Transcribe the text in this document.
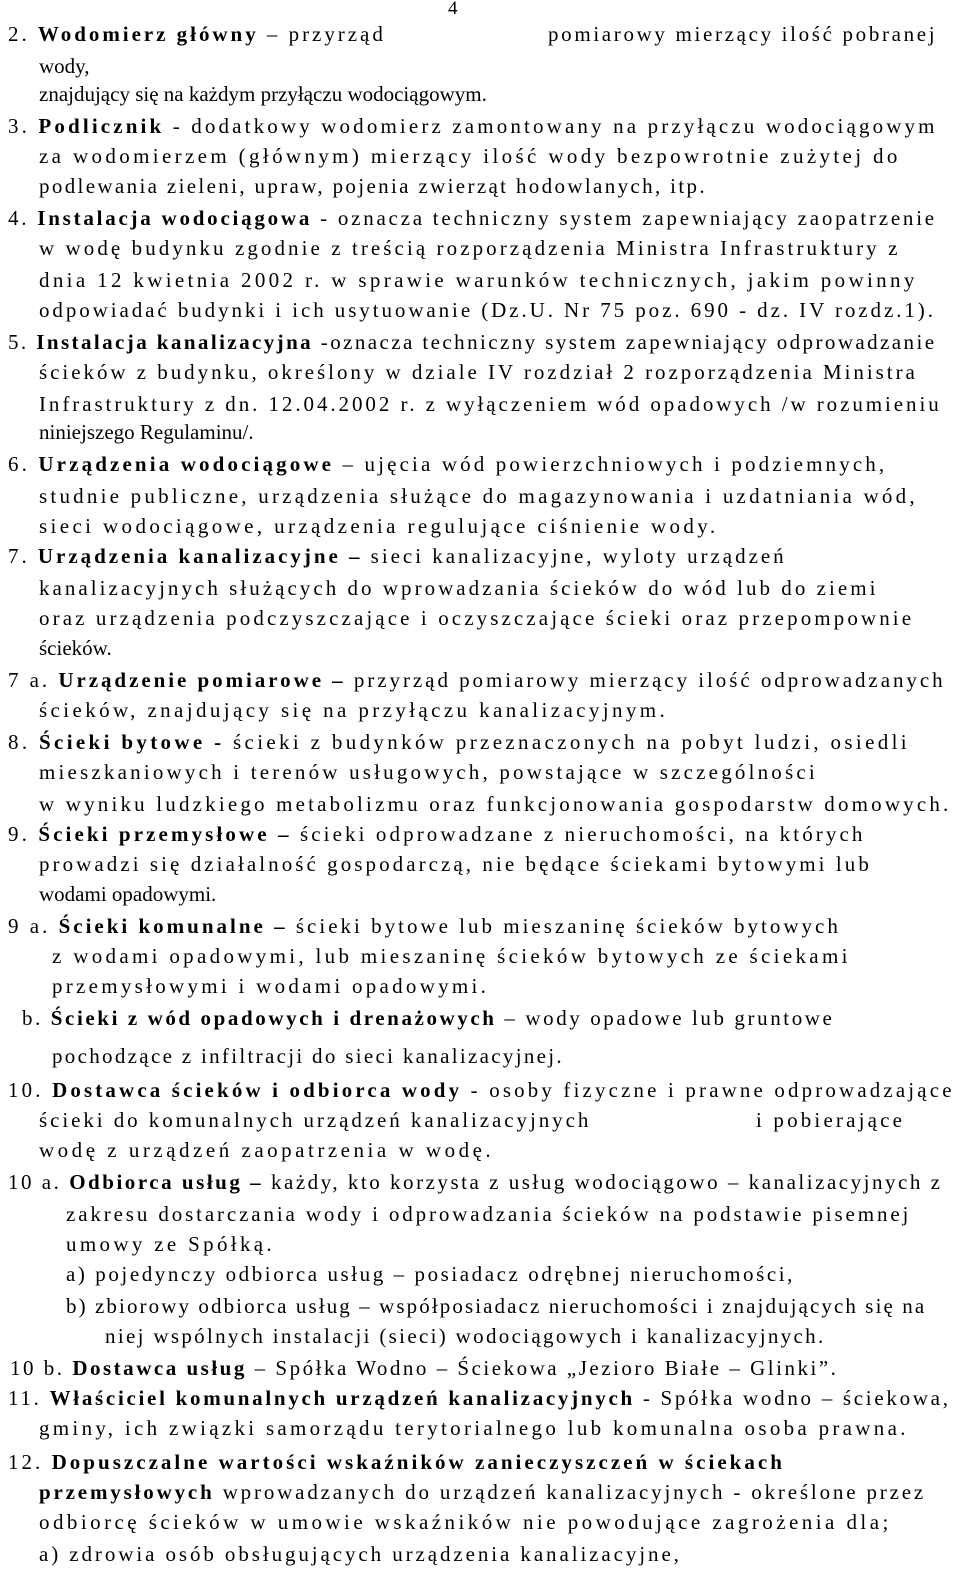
4
2. Wodomierz główny – przyrząd	pomiarowy mierzący ilość pobranej
wody,
znajdujący się na każdym przyłączu wodociągowym.
3. Podlicznik - dodatkowy wodomierz zamontowany na przyłączu wodociągowym
za wodomierzem (głównym) mierzący ilość wody bezpowrotnie zużytej do
podlewania zieleni, upraw, pojenia zwierząt hodowlanych, itp.
4. Instalacja wodociągowa - oznacza techniczny system zapewniający zaopatrzenie
w wodę budynku zgodnie z treścią rozporządzenia Ministra Infrastruktury z
dnia 12 kwietnia 2002 r. w sprawie warunków technicznych, jakim powinny
odpowiadać budynki i ich usytuowanie (Dz.U. Nr 75 poz. 690 - dz. IV rozdz.1).
5. Instalacja kanalizacyjna -oznacza techniczny system zapewniający odprowadzanie
ścieków z budynku, określony w dziale IV rozdział 2 rozporządzenia Ministra
Infrastruktury z dn. 12.04.2002 r. z wyłączeniem wód opadowych /w rozumieniu
niniejszego Regulaminu/.
6. Urządzenia wodociągowe – ujęcia wód powierzchniowych i podziemnych,
studnie publiczne, urządzenia służące do magazynowania i uzdatniania wód,
sieci wodociągowe, urządzenia regulujące ciśnienie wody.
7. Urządzenia kanalizacyjne – sieci kanalizacyjne, wyloty urządzeń
kanalizacyjnych służących do wprowadzania ścieków do wód lub do ziemi
oraz urządzenia podczyszczające i oczyszczające ścieki oraz przepompownie
ścieków.
7 a. Urządzenie pomiarowe – przyrząd pomiarowy mierzący ilość odprowadzanych
ścieków, znajdujący się na przyłączu kanalizacyjnym.
8. Ścieki bytowe - ścieki z budynków przeznaczonych na pobyt ludzi, osiedli
mieszkaniowych i terenów usługowych, powstające w szczególności
w wyniku ludzkiego metabolizmu oraz funkcjonowania gospodarstw domowych.
9. Ścieki przemysłowe – ścieki odprowadzane z nieruchomości, na których
prowadzi się działalność gospodarczą, nie będące ściekami bytowymi lub
wodami opadowymi.
9 a. Ścieki komunalne – ścieki bytowe lub mieszaninę ścieków bytowych
z wodami opadowymi, lub mieszaninę ścieków bytowych ze ściekami
przemysłowymi i wodami opadowymi.
b. Ścieki z wód opadowych i drenażowych – wody opadowe lub gruntowe
pochodzące z infiltracji do sieci kanalizacyjnej.
10. Dostawca ścieków i odbiorca wody - osoby fizyczne i prawne odprowadzające
ścieki do komunalnych urządzeń kanalizacyjnych	i pobierające
wodę z urządzeń zaopatrzenia w wodę.
10 a. Odbiorca usług – każdy, kto korzysta z usług wodociągowo – kanalizacyjnych z
zakresu dostarczania wody i odprowadzania ścieków na podstawie pisemnej
umowy ze Spółką.
a) pojedynczy odbiorca usług – posiadacz odrębnej nieruchomości,
b) zbiorowy odbiorca usług – współposiadacz nieruchomości i znajdujących się na
niej wspólnych instalacji (sieci) wodociągowych i kanalizacyjnych.
10 b. Dostawca usług – Spółka Wodno – Ściekowa „Jezioro Białe – Glinki”.
11. Właściciel komunalnych urządzeń kanalizacyjnych - Spółka wodno – ściekowa,
gminy, ich związki samorządu terytorialnego lub komunalna osoba prawna.
12. Dopuszczalne wartości wskaźników zanieczyszczeń w ściekach
przemysłowych wprowadzanych do urządzeń kanalizacyjnych - określone przez
odbiorcę ścieków w umowie wskaźników nie powodujące zagrożenia dla;
a) zdrowia osób obsługujących urządzenia kanalizacyjne,
